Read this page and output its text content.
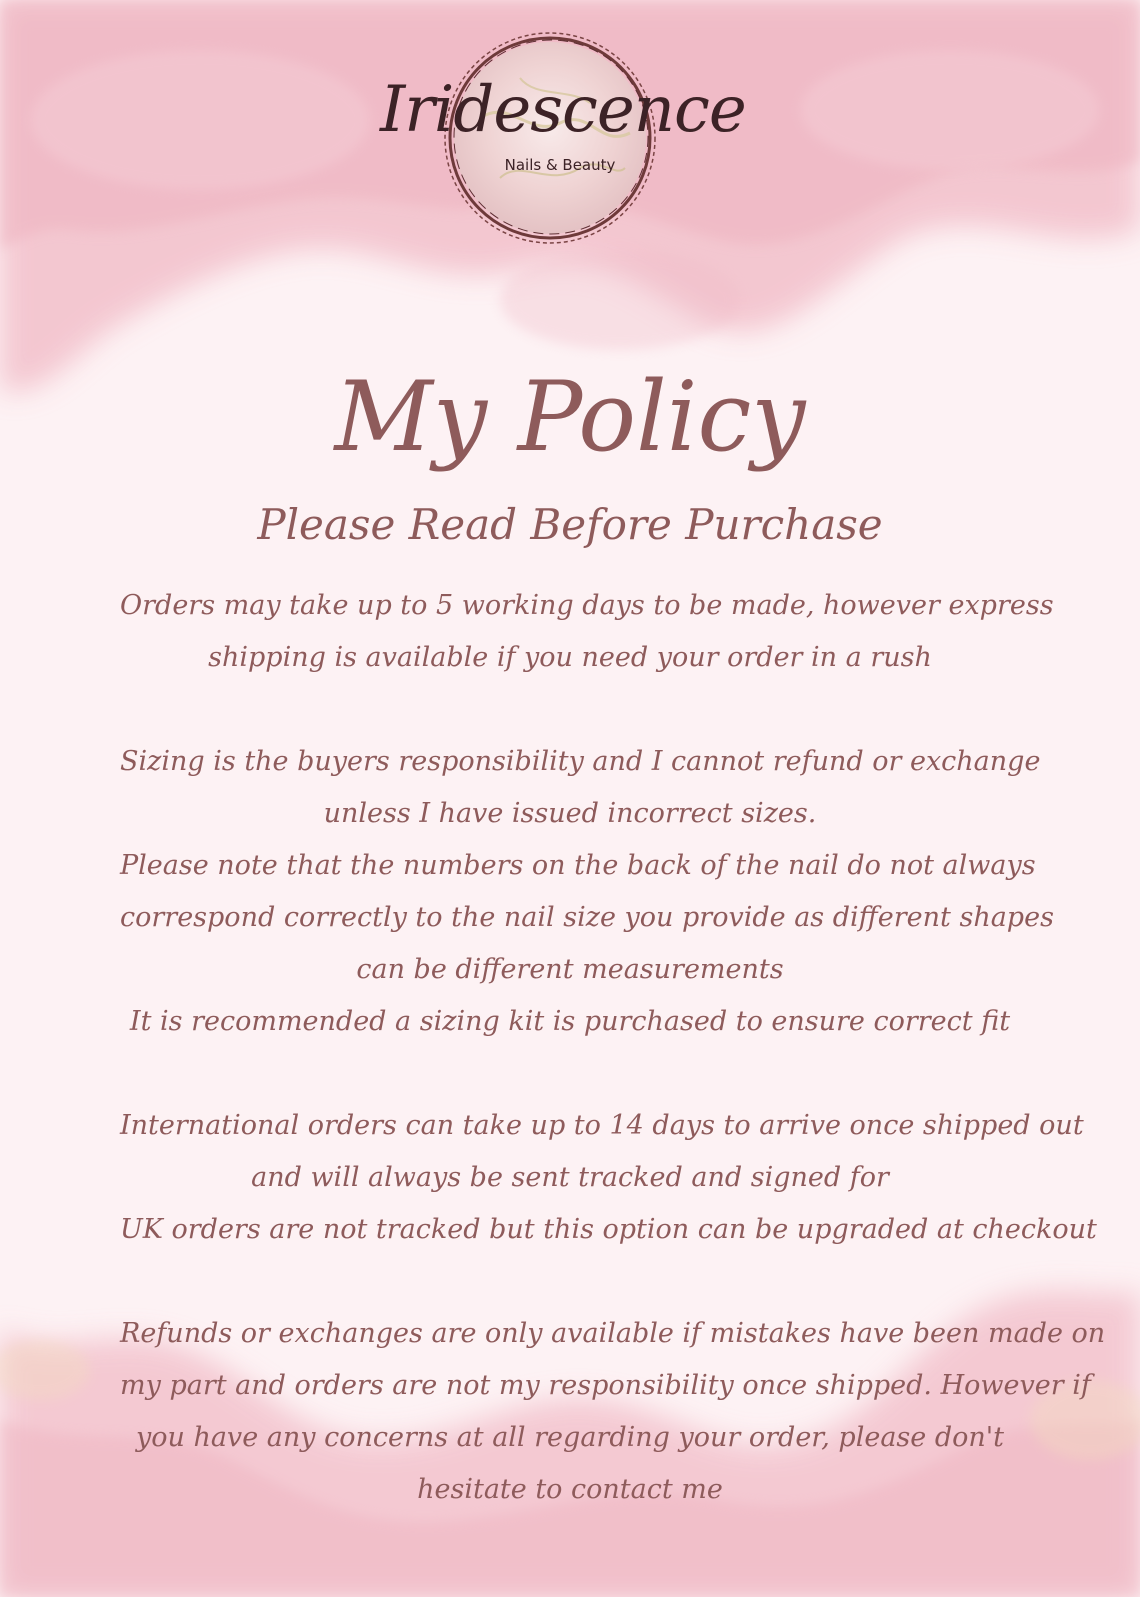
Iridescence
Nails & Beauty
My Policy
Please Read Before Purchase

Orders may take up to 5 working days to be made, however express
shipping is available if you need your order in a rush

Sizing is the buyers responsibility and I cannot refund or exchange
unless I have issued incorrect sizes.
Please note that the numbers on the back of the nail do not always
correspond correctly to the nail size you provide as different shapes
can be different measurements
It is recommended a sizing kit is purchased to ensure correct fit

International orders can take up to 14 days to arrive once shipped out
and will always be sent tracked and signed for
UK orders are not tracked but this option can be upgraded at checkout

Refunds or exchanges are only available if mistakes have been made on
my part and orders are not my responsibility once shipped. However if
you have any concerns at all regarding your order, please don't
hesitate to contact me
